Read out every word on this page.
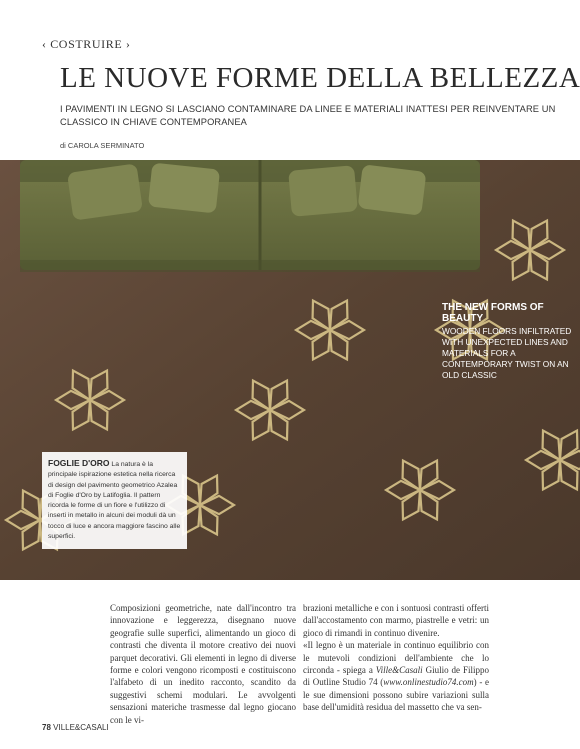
‹ COSTRUIRE ›
LE NUOVE FORME DELLA BELLEZZA
I PAVIMENTI IN LEGNO SI LASCIANO CONTAMINARE DA LINEE E MATERIALI INATTESI PER REINVENTARE UN CLASSICO IN CHIAVE CONTEMPORANEA
di CAROLA SERMINATO
THE NEW FORMS OF BEAUTY
WOODEN FLOORS INFILTRATED WITH UNEXPECTED LINES AND MATERIALS FOR A CONTEMPORARY TWIST ON AN OLD CLASSIC
FOGLIE D'ORO La natura è la principale ispirazione estetica nella ricerca di design del pavimento geometrico Azalea di Foglie d'Oro by Latifoglia. Il pattern ricorda le forme di un fiore e l'utilizzo di inserti in metallo in alcuni dei moduli dà un tocco di luce e ancora maggiore fascino alle superfici.

Composizioni geometriche, nate dall'incontro tra innovazione e leggerezza, disegnano nuove geografie sulle superfici, alimentando un gioco di contrasti che diventa il motore creativo dei nuovi parquet decorativi. Gli elementi in legno di diverse forme e colori vengono ricomposti e costituiscono l'alfabeto di un inedito racconto, scandito da suggestivi schemi modulari. Le avvolgenti sensazioni materiche trasmesse dal legno giocano con le vi-

brazioni metalliche e con i sontuosi contrasti offerti dall'accostamento con marmo, piastrelle e vetri: un gioco di rimandi in continuo divenire.

«Il legno è un materiale in continuo equilibrio con le mutevoli condizioni dell'ambiente che lo circonda - spiega a Ville&Casali Giulio de Filippo di Outline Studio 74 (www.onlinestudio74.com) - e le sue dimensioni possono subire variazioni sulla base dell'umidità residua del massetto che va sen-

78 VILLE&CASALI
